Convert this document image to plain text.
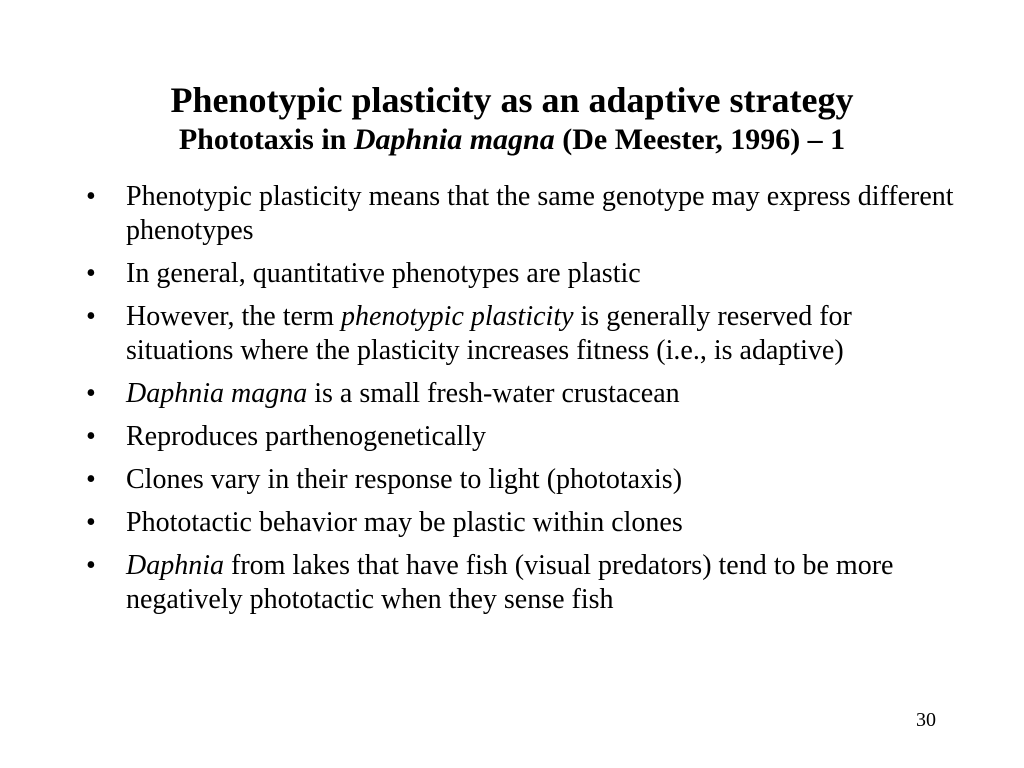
Phenotypic plasticity as an adaptive strategy
Phototaxis in Daphnia magna (De Meester, 1996) – 1
•	Phenotypic plasticity means that the same genotype may express different phenotypes
•	In general, quantitative phenotypes are plastic
•	However, the term phenotypic plasticity is generally reserved for situations where the plasticity increases fitness (i.e., is adaptive)
•	Daphnia magna is a small fresh-water crustacean
•	Reproduces parthenogenetically
•	Clones vary in their response to light (phototaxis)
•	Phototactic behavior may be plastic within clones
•	Daphnia from lakes that have fish (visual predators) tend to be more negatively phototactic when they sense fish
30
